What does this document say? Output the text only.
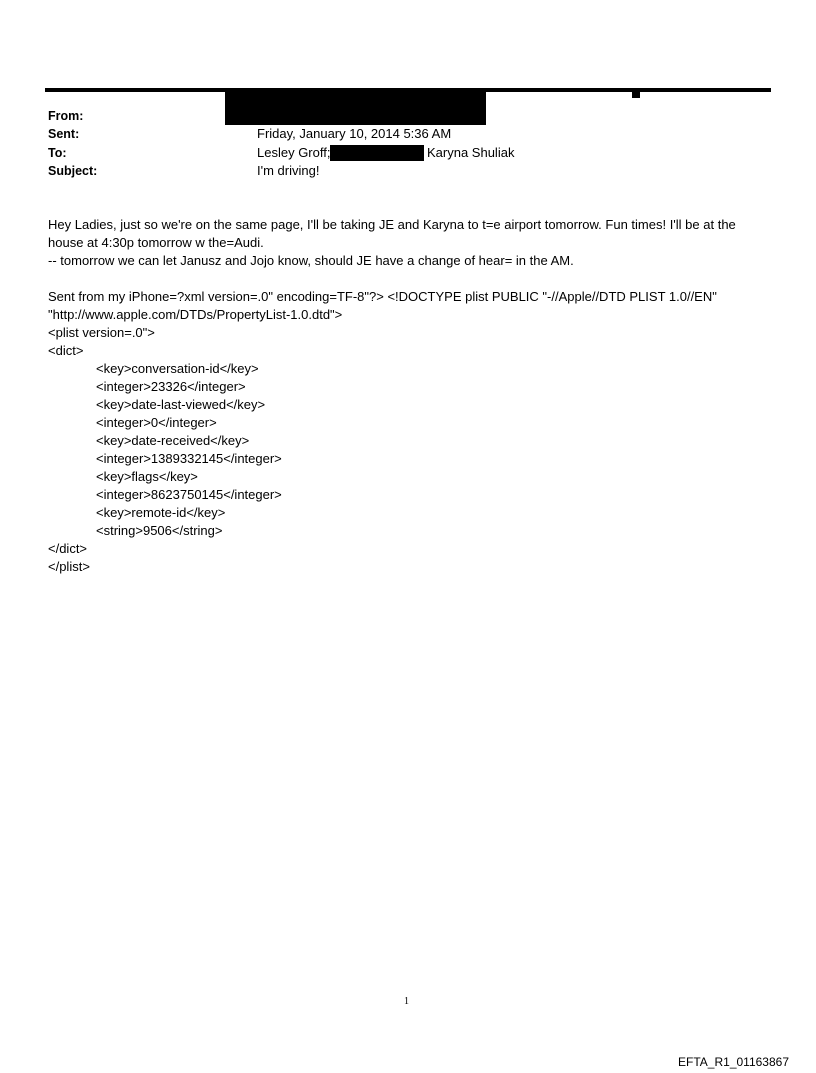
From:
Sent:	Friday, January 10, 2014 5:36 AM
To:	Lesley Groff;	Karyna Shuliak
Subject:	I'm driving!
Hey Ladies, just so we're on the same page, I'll be taking JE and Karyna to t=e airport tomorrow. Fun times! I'll be at the
house at 4:30p tomorrow w the=Audi.
-- tomorrow we can let Janusz and Jojo know, should JE have a change of hear= in the AM.
Sent from my iPhone=?xml version=.0" encoding=TF-8"?> <!DOCTYPE plist PUBLIC "-//Apple//DTD PLIST 1.0//EN"
"http://www.apple.com/DTDs/PropertyList-1.0.dtd">
<plist version=.0">
<dict>
<key>conversation-id</key>
<integer>23326</integer>
<key>date-last-viewed</key>
<integer>0</integer>
<key>date-received</key>
<integer>1389332145</integer>
<key>flags</key>
<integer>8623750145</integer>
<key>remote-id</key>
<string>9506</string>
</dict>
</plist>
1
EFTA_R1_01163867
